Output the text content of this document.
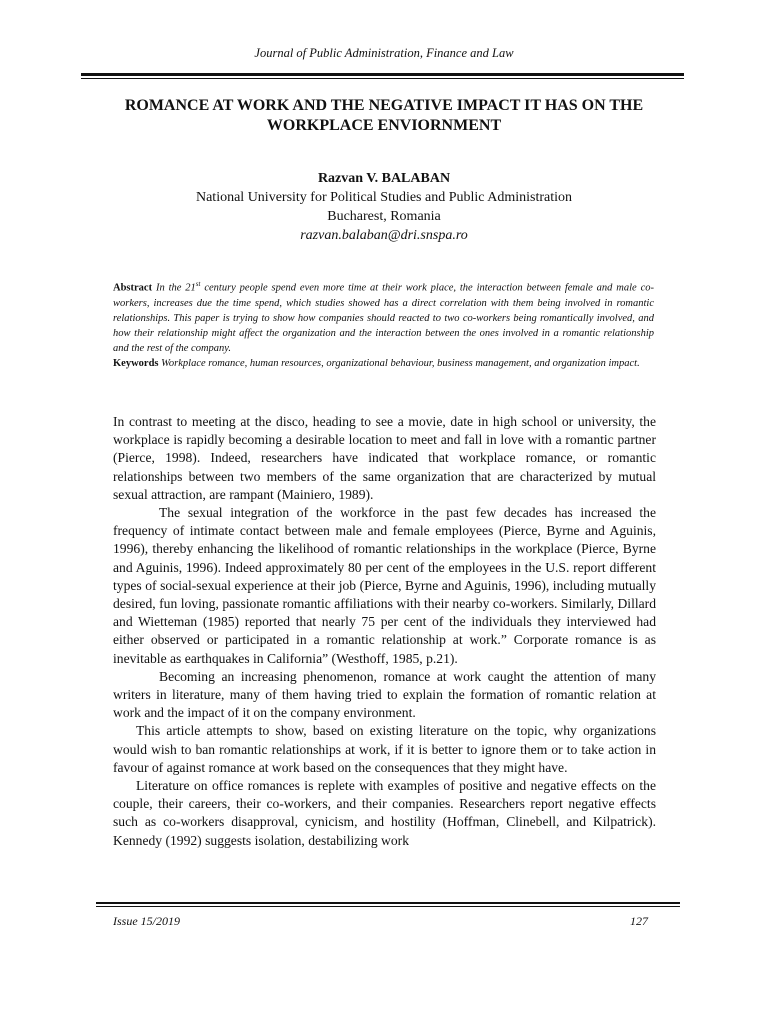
Journal of Public Administration, Finance and Law
ROMANCE AT WORK AND THE NEGATIVE IMPACT IT HAS ON THE WORKPLACE ENVIORNMENT
Razvan V. BALABAN
National University for Political Studies and Public Administration
Bucharest, Romania
razvan.balaban@dri.snspa.ro
Abstract In the 21st century people spend even more time at their work place, the interaction between female and male co-workers, increases due the time spend, which studies showed has a direct correlation with them being involved in romantic relationships. This paper is trying to show how companies should reacted to two co-workers being romantically involved, and how their relationship might affect the organization and the interaction between the ones involved in a romantic relationship and the rest of the company.
Keywords Workplace romance, human resources, organizational behaviour, business management, and organization impact.

In contrast to meeting at the disco, heading to see a movie, date in high school or university, the workplace is rapidly becoming a desirable location to meet and fall in love with a romantic partner (Pierce, 1998). Indeed, researchers have indicated that workplace romance, or romantic relationships between two members of the same organization that are characterized by mutual sexual attraction, are rampant (Mainiero, 1989).

The sexual integration of the workforce in the past few decades has increased the frequency of intimate contact between male and female employees (Pierce, Byrne and Aguinis, 1996), thereby enhancing the likelihood of romantic relationships in the workplace (Pierce, Byrne and Aguinis, 1996). Indeed approximately 80 per cent of the employees in the U.S. report different types of social-sexual experience at their job (Pierce, Byrne and Aguinis, 1996), including mutually desired, fun loving, passionate romantic affiliations with their nearby co-workers. Similarly, Dillard and Wietteman (1985) reported that nearly 75 per cent of the individuals they interviewed had either observed or participated in a romantic relationship at work.” Corporate romance is as inevitable as earthquakes in California” (Westhoff, 1985, p.21).

Becoming an increasing phenomenon, romance at work caught the attention of many writers in literature, many of them having tried to explain the formation of romantic relation at work and the impact of it on the company environment.

This article attempts to show, based on existing literature on the topic, why organizations would wish to ban romantic relationships at work, if it is better to ignore them or to take action in favour of against romance at work based on the consequences that they might have.

Literature on office romances is replete with examples of positive and negative effects on the couple, their careers, their co-workers, and their companies. Researchers report negative effects such as co-workers disapproval, cynicism, and hostility (Hoffman, Clinebell, and Kilpatrick). Kennedy (1992) suggests isolation, destabilizing work

Issue 15/2019	127
